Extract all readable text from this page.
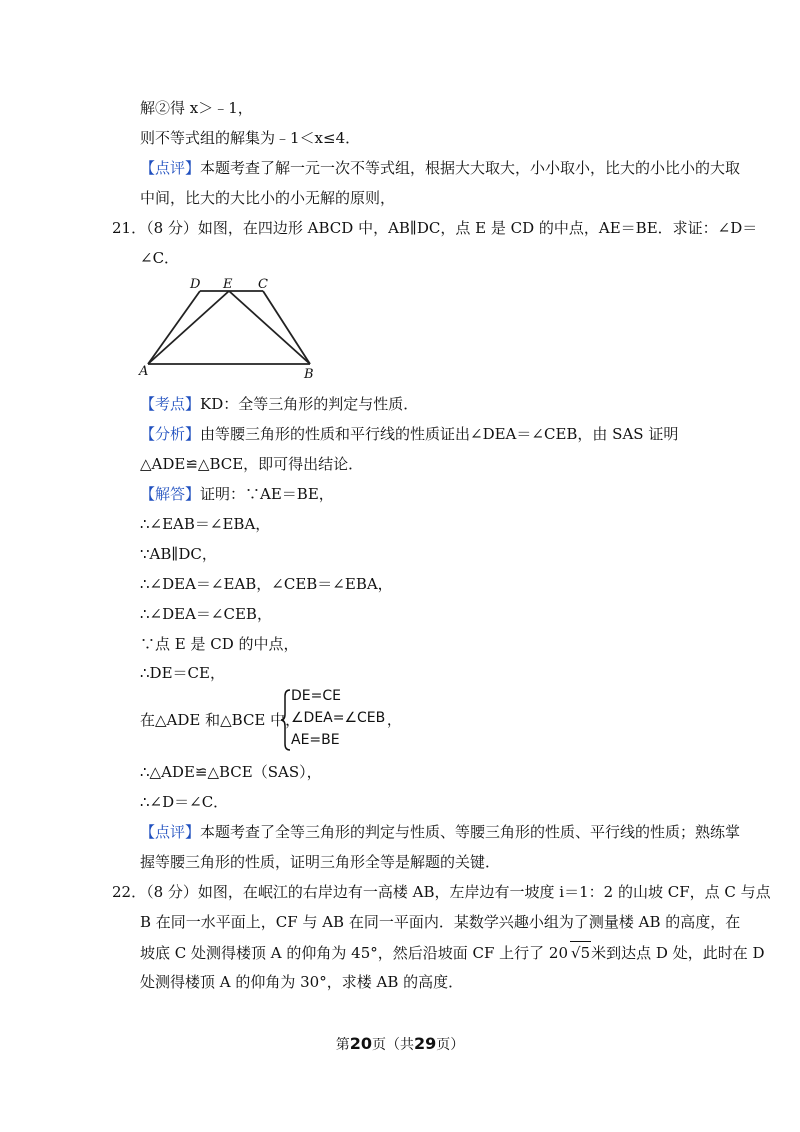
解②得 x＞﹣1，
则不等式组的解集为﹣1＜x≤4．
【点评】本题考查了解一元一次不等式组，根据大大取大，小小取小，比大的小比小的大取
中间，比大的大比小的小无解的原则，
21．（8 分）如图，在四边形 ABCD 中，AB∥DC，点 E 是 CD 的中点，AE＝BE．求证：∠D＝
∠C．
D E C
A	B
【考点】KD：全等三角形的判定与性质．
【分析】由等腰三角形的性质和平行线的性质证出∠DEA＝∠CEB，由 SAS 证明
△ADE≌△BCE，即可得出结论．
【解答】证明：∵AE＝BE，
∴∠EAB＝∠EBA，
∵AB∥DC，
∴∠DEA＝∠EAB，∠CEB＝∠EBA，
∴∠DEA＝∠CEB，
∵点 E 是 CD 的中点，
∴DE＝CE，
在△ADE 和△BCE 中，
DE=CE
∠DEA=∠CEB
AE=BE
，
∴△ADE≌△BCE（SAS），
∴∠D＝∠C．
【点评】本题考查了全等三角形的判定与性质、等腰三角形的性质、平行线的性质；熟练掌
握等腰三角形的性质，证明三角形全等是解题的关键．
22．（8 分）如图，在岷江的右岸边有一高楼 AB，左岸边有一坡度 i＝1：2 的山坡 CF，点 C 与点
B 在同一水平面上，CF 与 AB 在同一平面内．某数学兴趣小组为了测量楼 AB 的高度，在
坡底 C 处测得楼顶 A 的仰角为 45°，然后沿坡面 CF 上行了 20 √5米到达点 D 处，此时在 D
处测得楼顶 A 的仰角为 30°，求楼 AB 的高度．
第20页（共29页）
